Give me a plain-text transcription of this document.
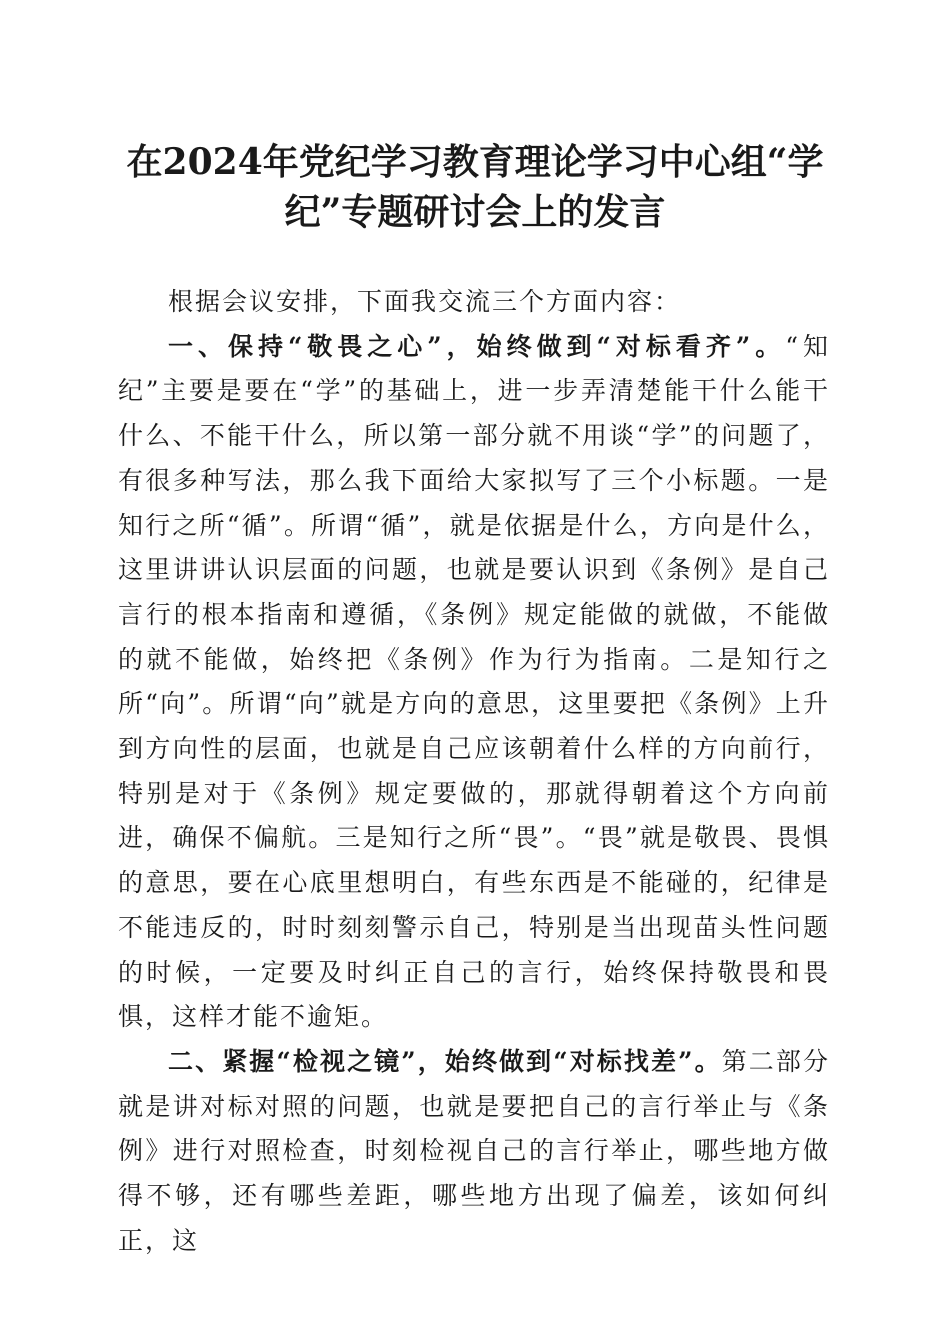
在2024年党纪学习教育理论学习中心组“学纪”专题研讨会上的发言

根据会议安排，下面我交流三个方面内容：

一、保持“敬畏之心”，始终做到“对标看齐”。“知纪”主要是要在“学”的基础上，进一步弄清楚能干什么能干什么、不能干什么，所以第一部分就不用谈“学”的问题了，有很多种写法，那么我下面给大家拟写了三个小标题。一是知行之所“循”。所谓“循”，就是依据是什么，方向是什么，这里讲讲认识层面的问题，也就是要认识到《条例》是自己言行的根本指南和遵循，《条例》规定能做的就做，不能做的就不能做，始终把《条例》作为行为指南。二是知行之所“向”。所谓“向”就是方向的意思，这里要把《条例》上升到方向性的层面，也就是自己应该朝着什么样的方向前行，特别是对于《条例》规定要做的，那就得朝着这个方向前进，确保不偏航。三是知行之所“畏”。“畏”就是敬畏、畏惧的意思，要在心底里想明白，有些东西是不能碰的，纪律是不能违反的，时时刻刻警示自己，特别是当出现苗头性问题的时候，一定要及时纠正自己的言行，始终保持敬畏和畏惧，这样才能不逾矩。

二、紧握“检视之镜”，始终做到“对标找差”。第二部分就是讲对标对照的问题，也就是要把自己的言行举止与《条例》进行对照检查，时刻检视自己的言行举止，哪些地方做得不够，还有哪些差距，哪些地方出现了偏差，该如何纠正，这
